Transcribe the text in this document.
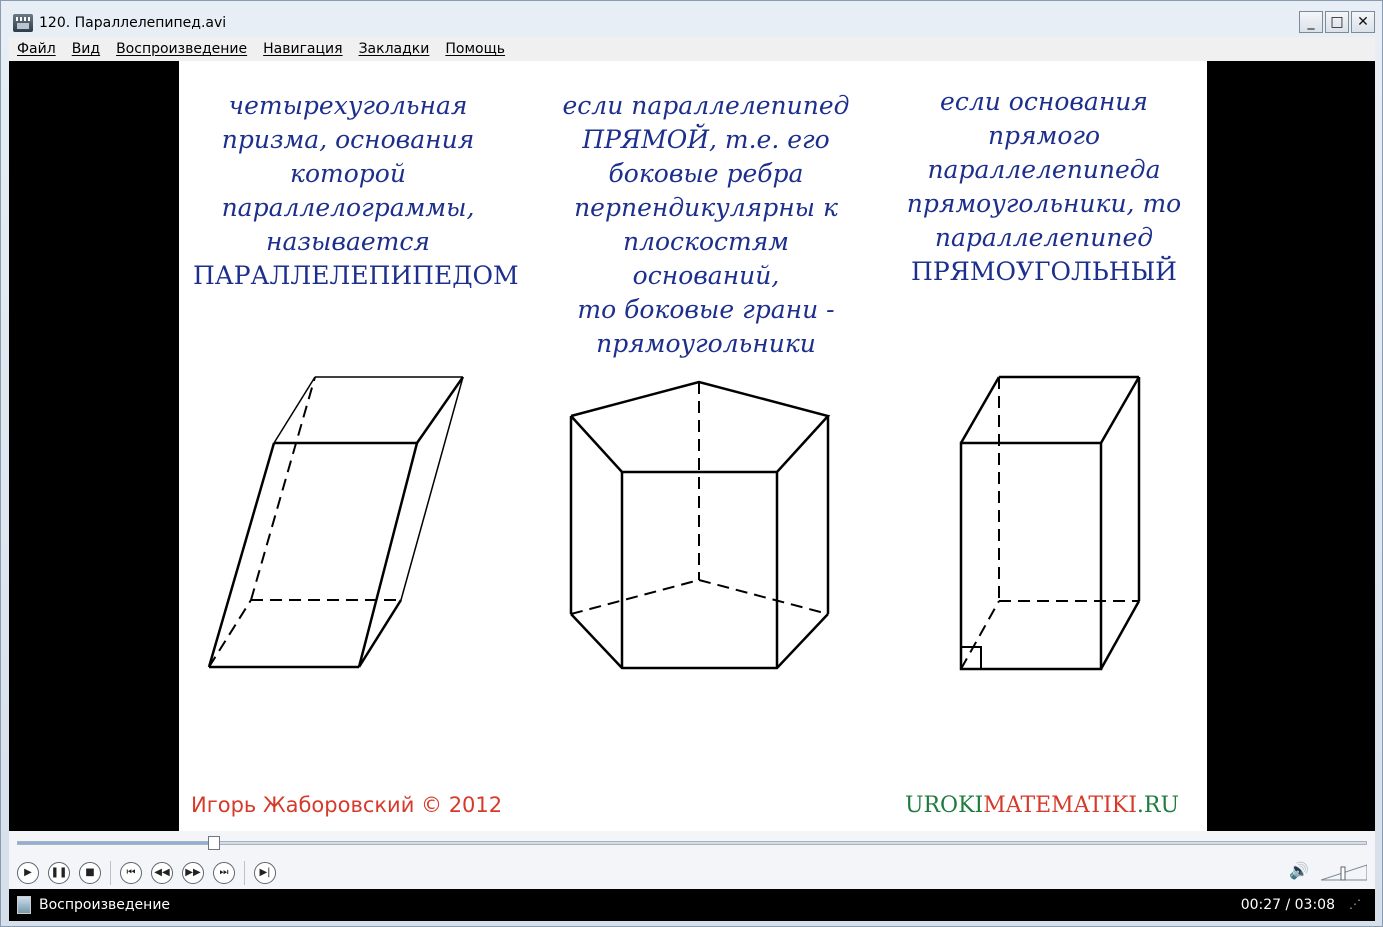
120. Параллелепипед.avi	_	□ ✕
Файл Вид Воспроизведение Навигация Закладки Помощь
четырехугольная
призма, основания
которой
параллелограммы,
называется
ПАРАЛЛЕЛЕПИПЕДОМ
если параллелепипед
ПРЯМОЙ, т.е. его
боковые ребра
перпендикулярны к
плоскостям
оснований,
то боковые грани -
прямоугольники
если основания
прямого
параллелепипеда
прямоугольники, то
параллелепипед
ПРЯМОУГОЛЬНЫЙ
Игорь Жаборовский © 2012	UROKIMATEMATIKI.RU
▶	❚❚	■	⏮	◀◀	▶▶	⏭	▶|	🔊
Воспроизведение	00:27 / 03:08 ⋰
